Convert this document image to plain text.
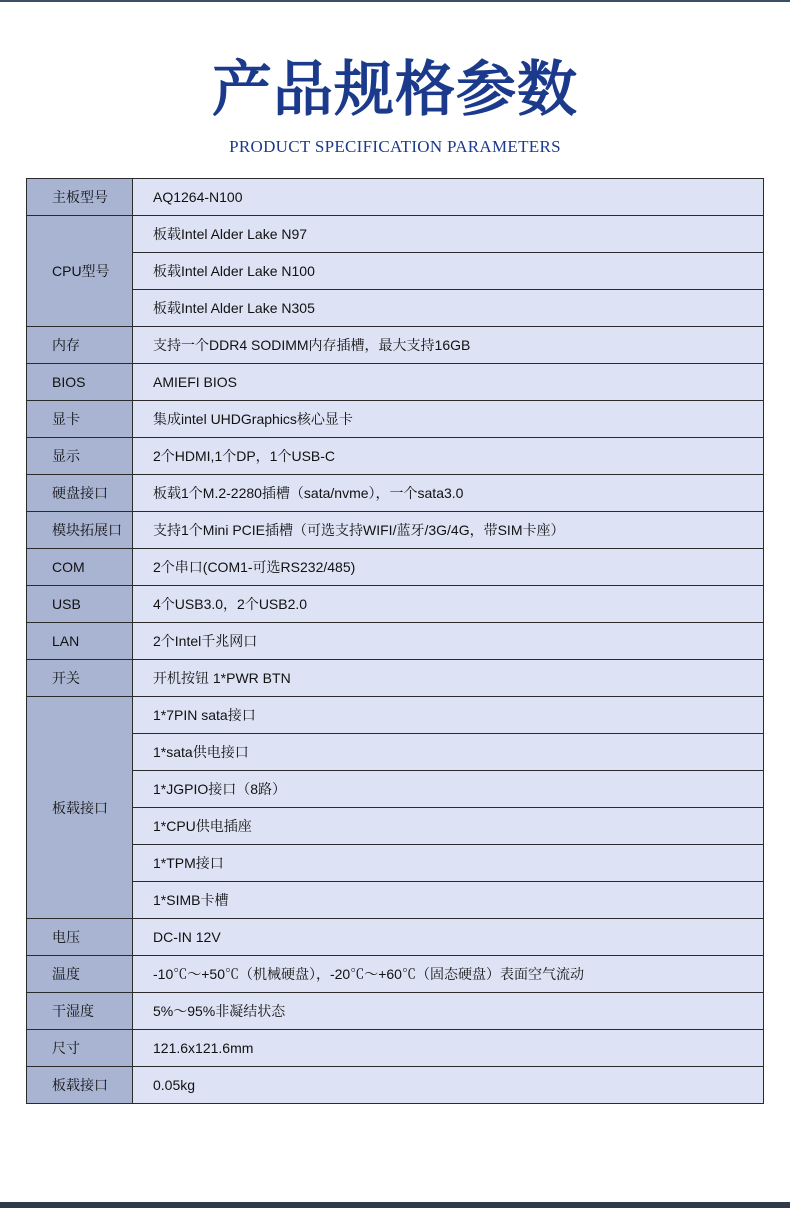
产品规格参数
PRODUCT SPECIFICATION PARAMETERS
主板型号	AQ1264-N100
CPU型号	板载Intel Alder Lake N97
	板载Intel Alder Lake N100
	板载Intel Alder Lake N305
内存	支持一个DDR4 SODIMM内存插槽，最大支持16GB
BIOS	AMIEFI BIOS
显卡	集成intel UHDGraphics核心显卡
显示	2个HDMI,1个DP，1个USB-C
硬盘接口	板载1个M.2-2280插槽（sata/nvme），一个sata3.0
模块拓展口	支持1个Mini PCIE插槽（可选支持WIFI/蓝牙/3G/4G，带SIM卡座）
COM	2个串口(COM1-可选RS232/485)
USB	4个USB3.0，2个USB2.0
LAN	2个Intel千兆网口
开关	开机按钮 1*PWR BTN
板载接口	1*7PIN sata接口
	1*sata供电接口
	1*JGPIO接口（8路）
	1*CPU供电插座
	1*TPM接口
	1*SIMB卡槽
电压	DC-IN 12V
温度	-10℃～+50℃（机械硬盘），-20℃～+60℃（固态硬盘）表面空气流动
干湿度	5%～95%非凝结状态
尺寸	121.6x121.6mm
板载接口	0.05kg
